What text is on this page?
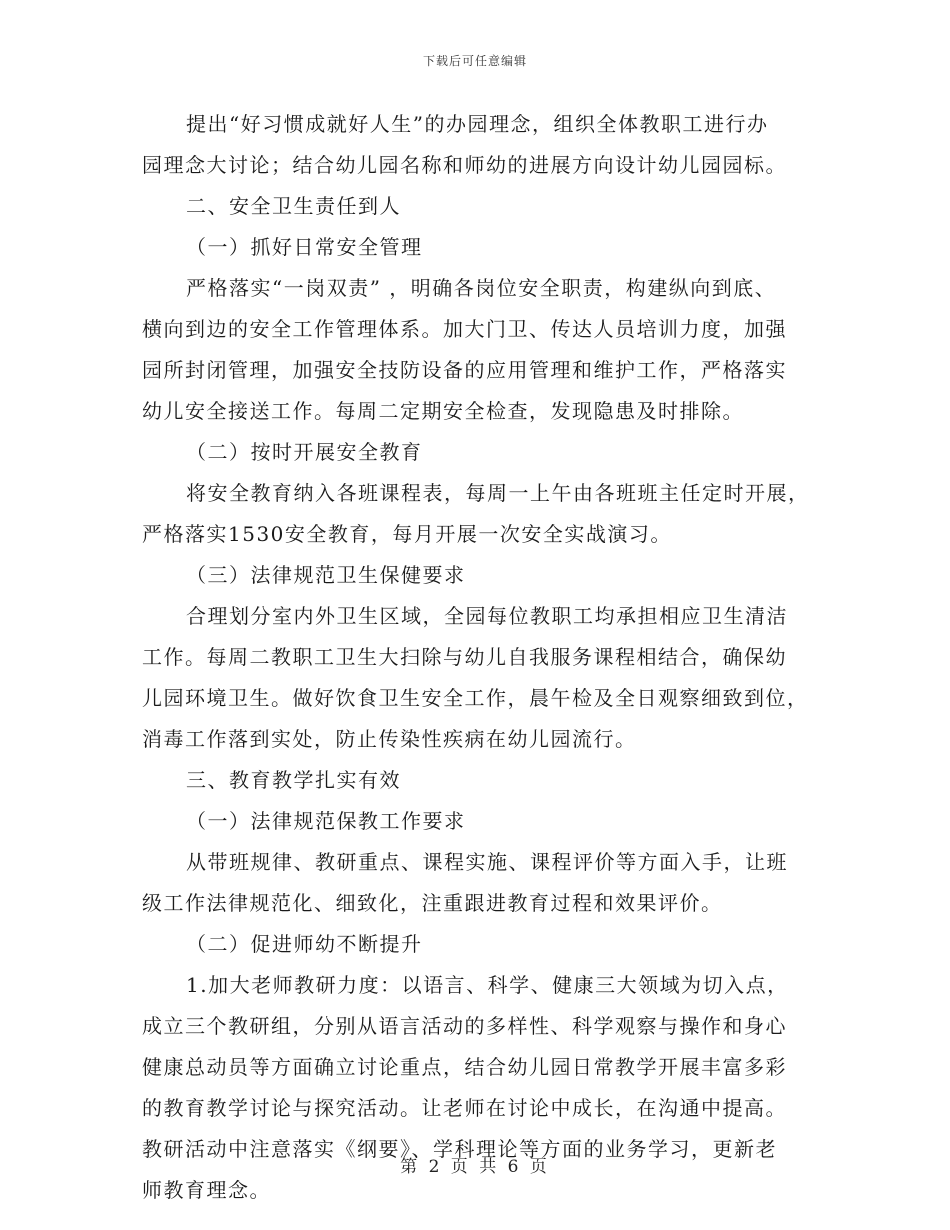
下载后可任意编辑
提出“好习惯成就好人生”的办园理念，组织全体教职工进行办
园理念大讨论；结合幼儿园名称和师幼的进展方向设计幼儿园园标。
二、安全卫生责任到人
（一）抓好日常安全管理
严格落实“一岗双责” ，明确各岗位安全职责，构建纵向到底、
横向到边的安全工作管理体系。加大门卫、传达人员培训力度，加强
园所封闭管理，加强安全技防设备的应用管理和维护工作，严格落实
幼儿安全接送工作。每周二定期安全检查，发现隐患及时排除。
（二）按时开展安全教育
将安全教育纳入各班课程表，每周一上午由各班班主任定时开展，
严格落实1530安全教育，每月开展一次安全实战演习。
（三）法律规范卫生保健要求
合理划分室内外卫生区域，全园每位教职工均承担相应卫生清洁
工作。每周二教职工卫生大扫除与幼儿自我服务课程相结合，确保幼
儿园环境卫生。做好饮食卫生安全工作，晨午检及全日观察细致到位，
消毒工作落到实处，防止传染性疾病在幼儿园流行。
三、教育教学扎实有效
（一）法律规范保教工作要求
从带班规律、教研重点、课程实施、课程评价等方面入手，让班
级工作法律规范化、细致化，注重跟进教育过程和效果评价。
（二）促进师幼不断提升
1.加大老师教研力度：以语言、科学、健康三大领域为切入点，
成立三个教研组，分别从语言活动的多样性、科学观察与操作和身心
健康总动员等方面确立讨论重点，结合幼儿园日常教学开展丰富多彩
的教育教学讨论与探究活动。让老师在讨论中成长，在沟通中提高。
教研活动中注意落实《纲要》、学科理论等方面的业务学习，更新老
师教育理念。
第 2 页 共 6 页
